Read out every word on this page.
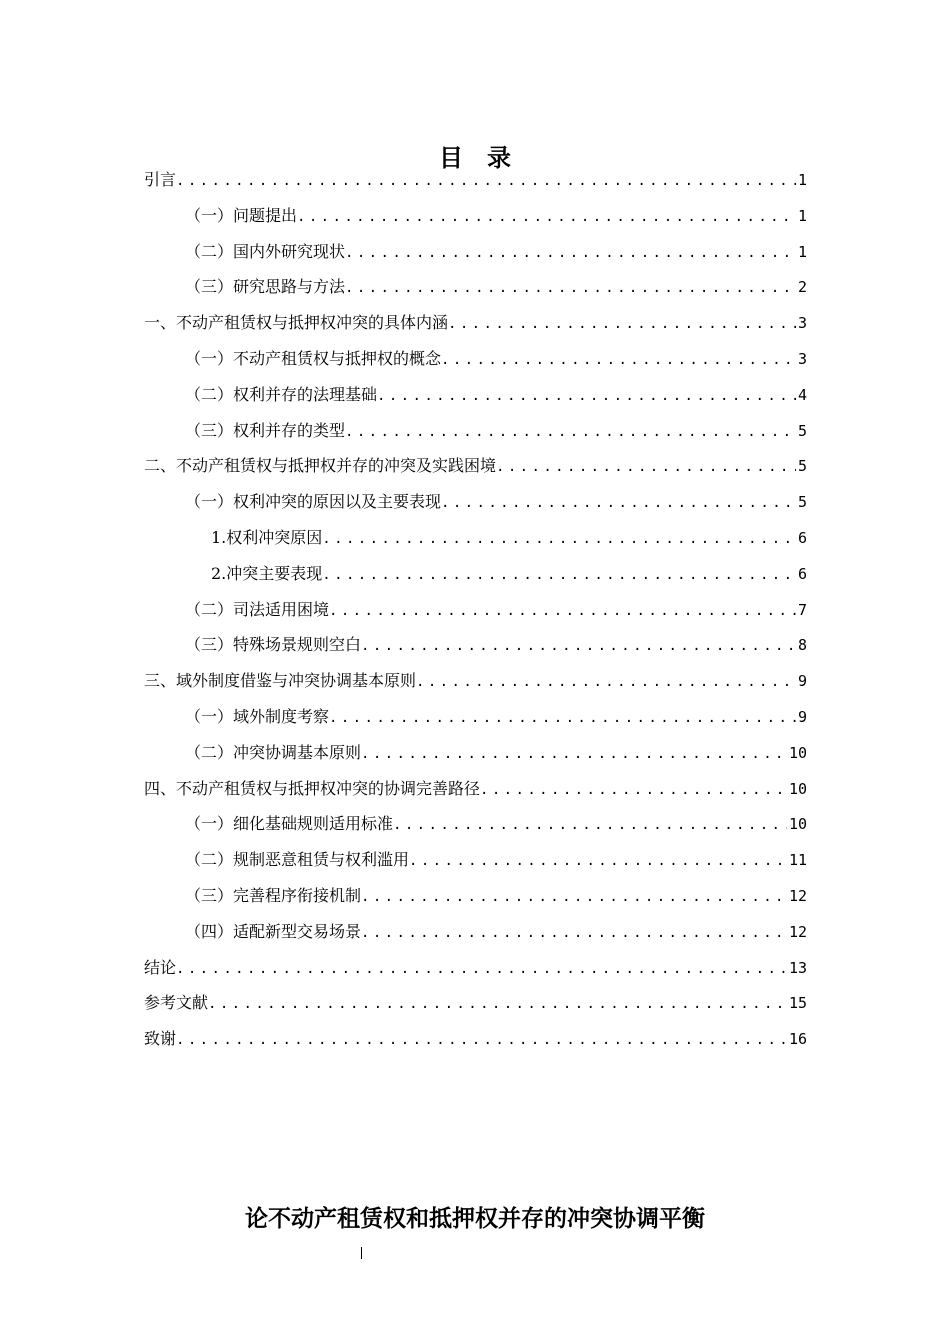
目　录
引言 .....	1
（一）问题提出 .....	1
（二）国内外研究现状 .....	1
（三）研究思路与方法 .....	2
一、不动产租赁权与抵押权冲突的具体内涵 .....	3
（一）不动产租赁权与抵押权的概念 .....	3
（二）权利并存的法理基础 .....	4
（三）权利并存的类型 .....	5
二、不动产租赁权与抵押权并存的冲突及实践困境 .....	5
（一）权利冲突的原因以及主要表现 .....	5
1.权利冲突原因 .....	6
2.冲突主要表现 .....	6
（二）司法适用困境 .....	7
（三）特殊场景规则空白 .....	8
三、域外制度借鉴与冲突协调基本原则 .....	9
（一）域外制度考察 .....	9
（二）冲突协调基本原则 .....	10
四、不动产租赁权与抵押权冲突的协调完善路径 .....	10
（一）细化基础规则适用标准 .....	10
（二）规制恶意租赁与权利滥用 .....	11
（三）完善程序衔接机制 .....	12
（四）适配新型交易场景 .....	12
结论 .....	13
参考文献 .....	15
致谢 .....	16
论不动产租赁权和抵押权并存的冲突协调平衡
